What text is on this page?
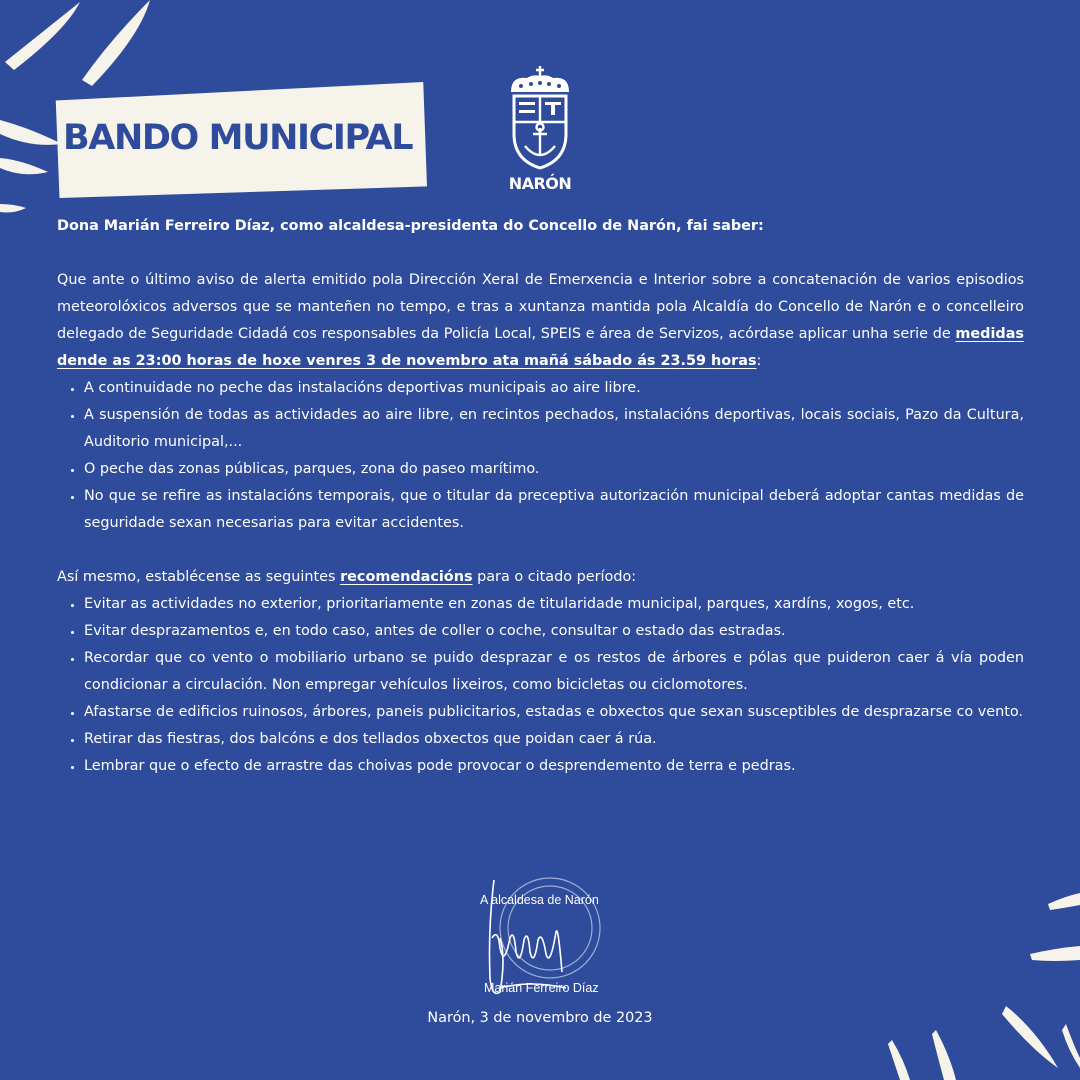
BANDO MUNICIPAL
NARÓN

Dona Marián Ferreiro Díaz, como alcaldesa-presidenta do Concello de Narón, fai saber:

Que ante o último aviso de alerta emitido pola Dirección Xeral de Emerxencia e Interior sobre a concatenación de varios episodios meteorolóxicos adversos que se manteñen no tempo, e tras a xuntanza mantida pola Alcaldía do Concello de Narón e o concelleiro delegado de Seguridade Cidadá cos responsables da Policía Local, SPEIS e área de Servizos, acórdase aplicar unha serie de medidas dende as 23:00 horas de hoxe venres 3 de novembro ata mañá sábado ás 23.59 horas:

• A continuidade no peche das instalacións deportivas municipais ao aire libre.
• A suspensión de todas as actividades ao aire libre, en recintos pechados, instalacións deportivas, locais sociais, Pazo da Cultura, Auditorio municipal,...
• O peche das zonas públicas, parques, zona do paseo marítimo.
• No que se refire as instalacións temporais, que o titular da preceptiva autorización municipal deberá adoptar cantas medidas de seguridade sexan necesarias para evitar accidentes.

Así mesmo, establécense as seguintes recomendacións para o citado período:

• Evitar as actividades no exterior, prioritariamente en zonas de titularidade municipal, parques, xardíns, xogos, etc.
• Evitar desprazamentos e, en todo caso, antes de coller o coche, consultar o estado das estradas.
• Recordar que co vento o mobiliario urbano se puido desprazar e os restos de árbores e pólas que puideron caer á vía poden condicionar a circulación. Non empregar vehículos lixeiros, como bicicletas ou ciclomotores.
• Afastarse de edificios ruinosos, árbores, paneis publicitarios, estadas e obxectos que sexan susceptibles de desprazarse co vento.
• Retirar das fiestras, dos balcóns e dos tellados obxectos que poidan caer á rúa.
• Lembrar que o efecto de arrastre das choivas pode provocar o desprendemento de terra e pedras.
A alcaldesa de Narón
Marián Ferreiro Díaz
Narón, 3 de novembro de 2023
